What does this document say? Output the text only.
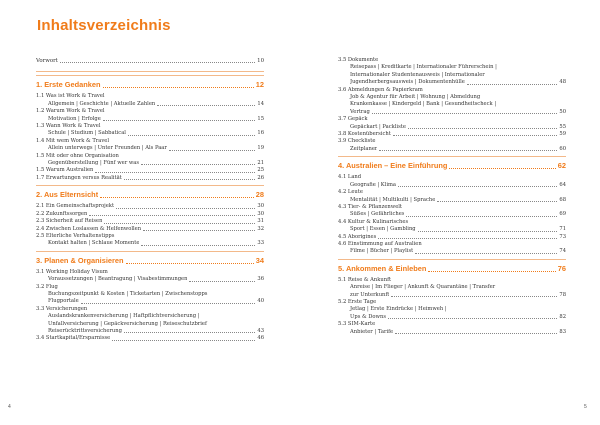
Inhaltsverzeichnis
Vorwort	10
1. Erste Gedanken	12
1.1 Was ist Work & Travel
Allgemein | Geschichte | Aktuelle Zahlen	14
1.2 Warum Work & Travel
Motivation | Erfolge	15
1.3 Wann Work & Travel
Schule | Studium | Sabbatical	16
1.4 Mit wem Work & Travel
Allein unterwegs | Unter Freunden | Als Paar	19
1.5 Mit oder ohne Organisation
Gegenüberstellung | Fünf wer was	21
1.5 Warum Australien	25
1.7 Erwartungen versus Realität	26
2. Aus Elternsicht	28
2.1 Ein Gemeinschaftsprojekt	30
2.2 Zukunftssorgen	30
2.3 Sicherheit auf Reisen	31
2.4 Zwischen Loslassen & Helfenwollen	32
2.5 Elterliche Verhaltenstipps
Kontakt halten | Schlaue Momente	33
3. Planen & Organisieren	34
3.1 Working Holiday Visum
Voraussetzungen | Beantragung | Visabestimmungen	36
3.2 Flug
Buchungszeitpunkt & Kosten | Ticketarten | Zwischenstopps
Flugportale	40
3.3 Versicherungen
Auslandskrankenversicherung | Haftpflichtversicherung |
Unfallversicherung | Gepäckversicherung | Reiseschutzbrief
Reiserücktrittsversicherung	43
3.4 Startkapital/Ersparnisse	46
3.5 Dokumente
Reisepass | Kreditkarte | Internationaler Führerschein |
Internationaler Studentenausweis | Internationaler
Jugendherbergsausweis | Dokumentenhülle	48
3.6 Abmeldungen & Papierkram
Job & Agentur für Arbeit | Wohnung | Abmeldung
Krankenkasse | Kindergeld | Bank | Gesundheitscheck |
Vertrag	50
3.7 Gepäck
Gepäckart | Packliste	55
3.8 Kostenübersicht	59
3.9 Checkliste
Zeitplaner	60
4. Australien – Eine Einführung	62
4.1 Land
Geografie | Klima	64
4.2 Leute
Mentalität | Multikulti | Sprache	68
4.3 Tier- & Pflanzenwelt
Süßes | Gefährliches	69
4.4 Kultur & Kulinarisches
Sport | Essen | Gambling	71
4.5 Aborigines	73
4.6 Einstimmung auf Australien
Filme | Bücher | Playlist	74
5. Ankommen & Einleben	76
5.1 Reise & Ankunft
Anreise | Im Flieger | Ankunft & Quarantäne | Transfer
zur Unterkunft	78
5.2 Erste Tage
Jetlag | Erste Eindrücke | Heimweh |
Ups & Downs	82
5.3 SIM-Karte
Anbieter | Tarife	83
4	5
